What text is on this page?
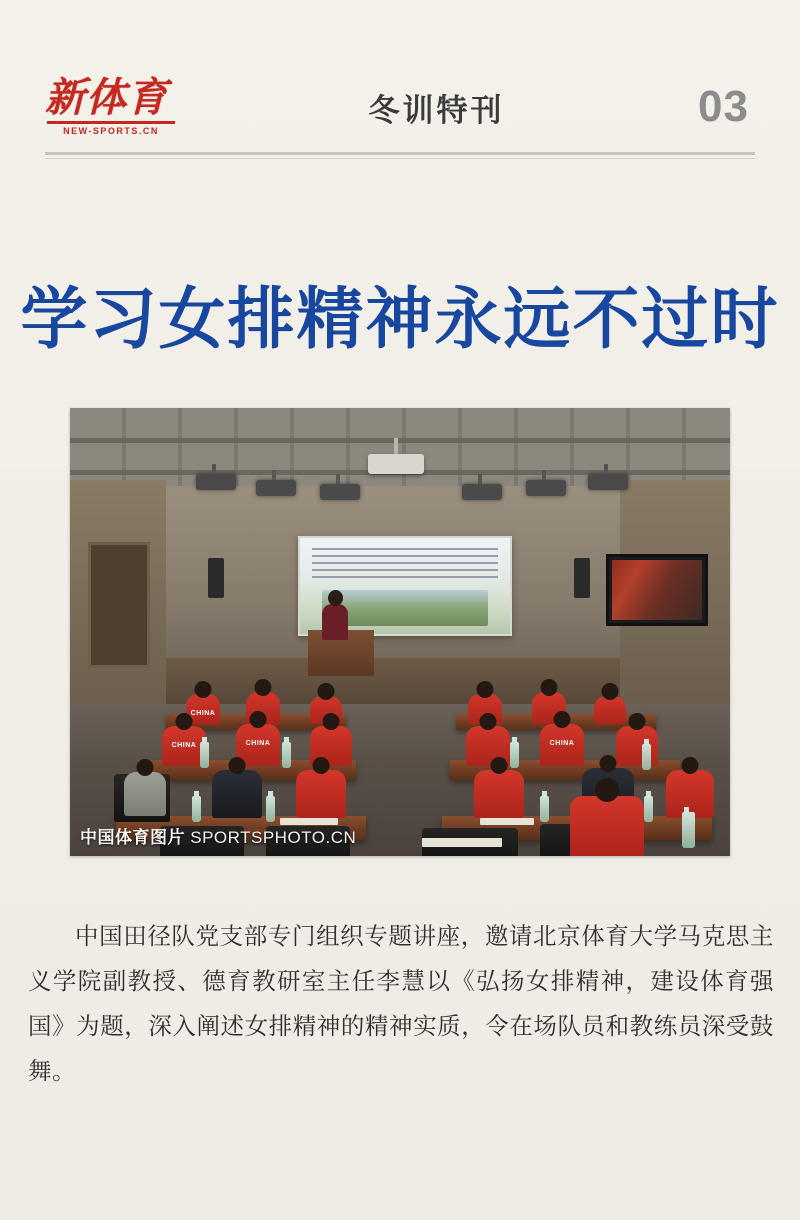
新体育
NEW-SPORTS.CN
冬训特刊	03
学习女排精神永远不过时
CHINA
CHINA	CHINA	CHINA
中国体育图片 SPORTSPHOTO.CN

中国田径队党支部专门组织专题讲座，邀请北京体育大学马克思主义学院副教授、德育教研室主任李慧以《弘扬女排精神，建设体育强国》为题，深入阐述女排精神的精神实质，令在场队员和教练员深受鼓舞。
